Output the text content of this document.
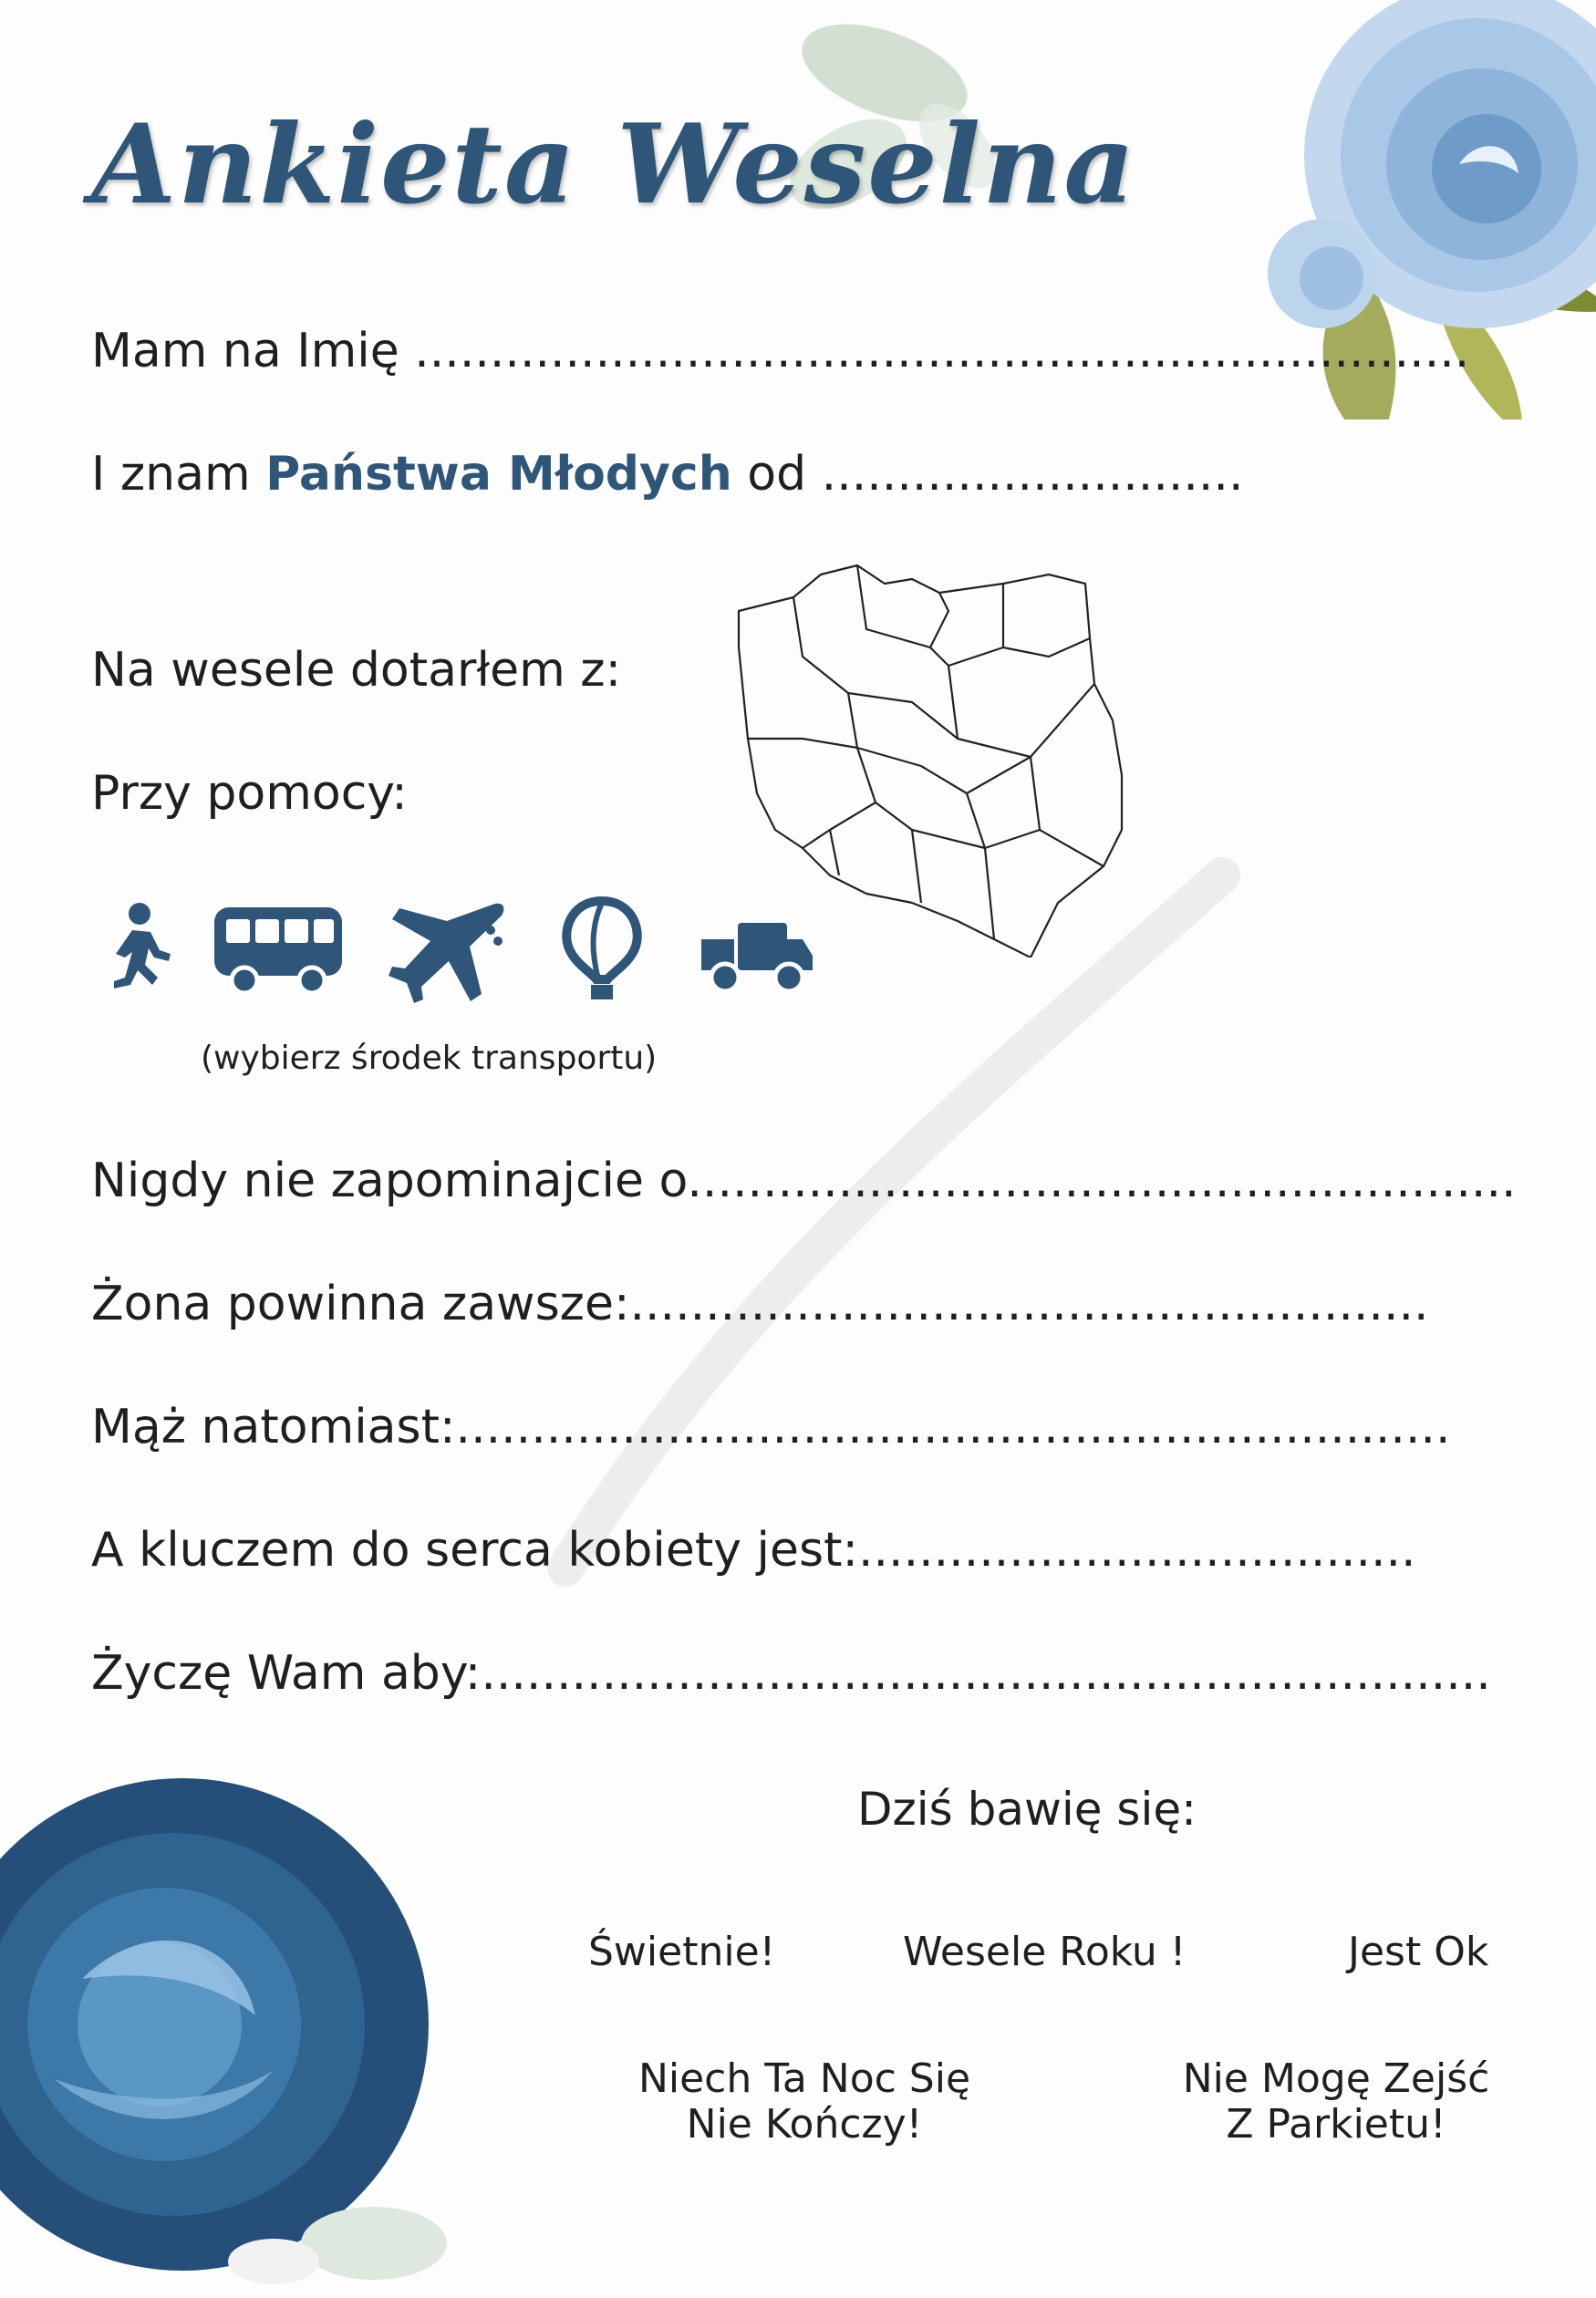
Ankieta Weselna
Mam na Imię ......................................................................
I znam Państwa Młodych od ............................
Na wesele dotarłem z:
Przy pomocy:
(wybierz środek transportu)
Nigdy nie zapominajcie o.......................................................
Żona powinna zawsze:.....................................................
Mąż natomiast:..................................................................
A kluczem do serca kobiety jest:.....................................
Życzę Wam aby:...................................................................
Dziś bawię się:
Świetnie!	Wesele Roku !	Jest Ok
Niech Ta Noc Się
Nie Kończy!
Nie Mogę Zejść
Z Parkietu!
